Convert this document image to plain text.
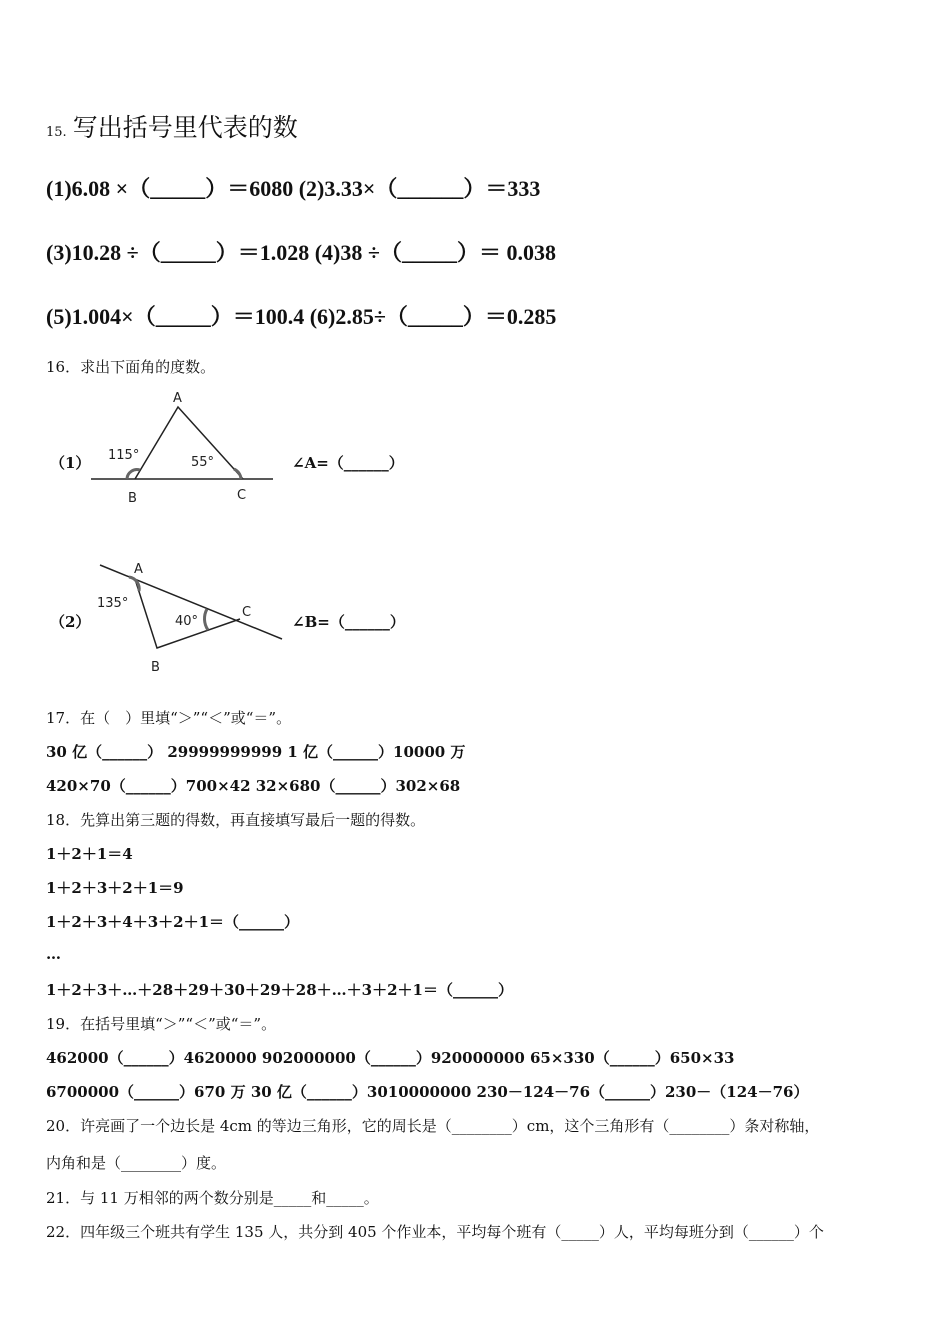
15. 写出括号里代表的数
(1)6.08 ×（_____）＝6080 (2)3.33×（______）＝333
(3)10.28 ÷（_____）＝1.028 (4)38 ÷（_____）＝ 0.038
(5)1.004×（_____）＝100.4 (6)2.85÷（_____）＝0.285
16．求出下面角的度数。
（1）
A
B	C
115°	55°	∠A=（______）
（2）
A
B
C
135°
40°	∠B=（______）
17．在（　）里填“＞”“＜”或“＝”。
30 亿（______） 29999999999 1 亿（______）10000 万
420×70（______）700×42 32×680（______）302×68
18．先算出第三题的得数，再直接填写最后一题的得数。
1＋2＋1＝4
1＋2＋3＋2＋1＝9
1＋2＋3＋4＋3＋2＋1＝（______）
…
1＋2＋3＋…＋28＋29＋30＋29＋28＋…＋3＋2＋1＝（______）
19．在括号里填“＞”“＜”或“＝”。
462000（______）4620000 902000000（______）920000000 65×330（______）650×33
6700000（______）670 万 30 亿（______）3010000000 230－124－76（______）230－（124－76）
20．许亮画了一个边长是 4cm 的等边三角形，它的周长是（________）cm，这个三角形有（________）条对称轴，
内角和是（________）度。
21．与 11 万相邻的两个数分别是_____和_____。
22．四年级三个班共有学生 135 人，共分到 405 个作业本，平均每个班有（_____）人，平均每班分到（______）个
